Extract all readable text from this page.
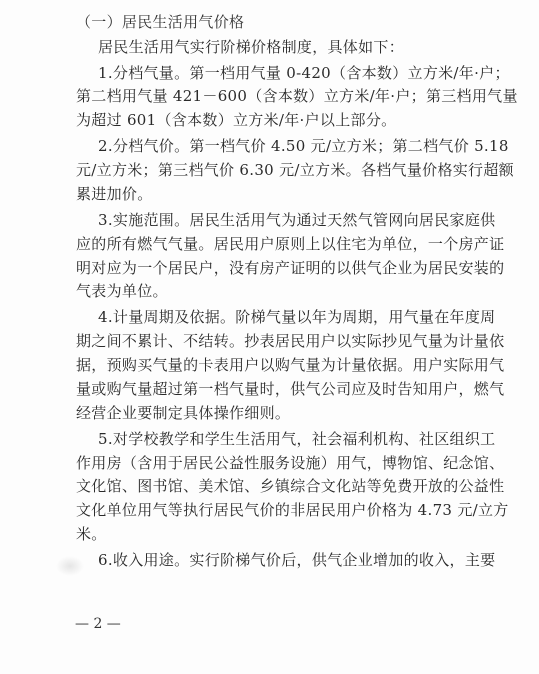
（一）居民生活用气价格
居民生活用气实行阶梯价格制度，具体如下：
1.分档气量。第一档用气量 0-420（含本数）立方米/年·户；
第二档用气量 421－600（含本数）立方米/年·户；第三档用气量
为超过 601（含本数）立方米/年·户以上部分。
2.分档气价。第一档气价 4.50 元/立方米；第二档气价 5.18
元/立方米；第三档气价 6.30 元/立方米。各档气量价格实行超额
累进加价。
3.实施范围。居民生活用气为通过天然气管网向居民家庭供
应的所有燃气气量。居民用户原则上以住宅为单位，一个房产证
明对应为一个居民户，没有房产证明的以供气企业为居民安装的
气表为单位。
4.计量周期及依据。阶梯气量以年为周期，用气量在年度周
期之间不累计、不结转。抄表居民用户以实际抄见气量为计量依
据，预购买气量的卡表用户以购气量为计量依据。用户实际用气
量或购气量超过第一档气量时，供气公司应及时告知用户，燃气
经营企业要制定具体操作细则。
5.对学校教学和学生生活用气，社会福利机构、社区组织工
作用房（含用于居民公益性服务设施）用气，博物馆、纪念馆、
文化馆、图书馆、美术馆、乡镇综合文化站等免费开放的公益性
文化单位用气等执行居民气价的非居民用户价格为 4.73 元/立方
米。
6.收入用途。实行阶梯气价后，供气企业增加的收入，主要
— 2 —
